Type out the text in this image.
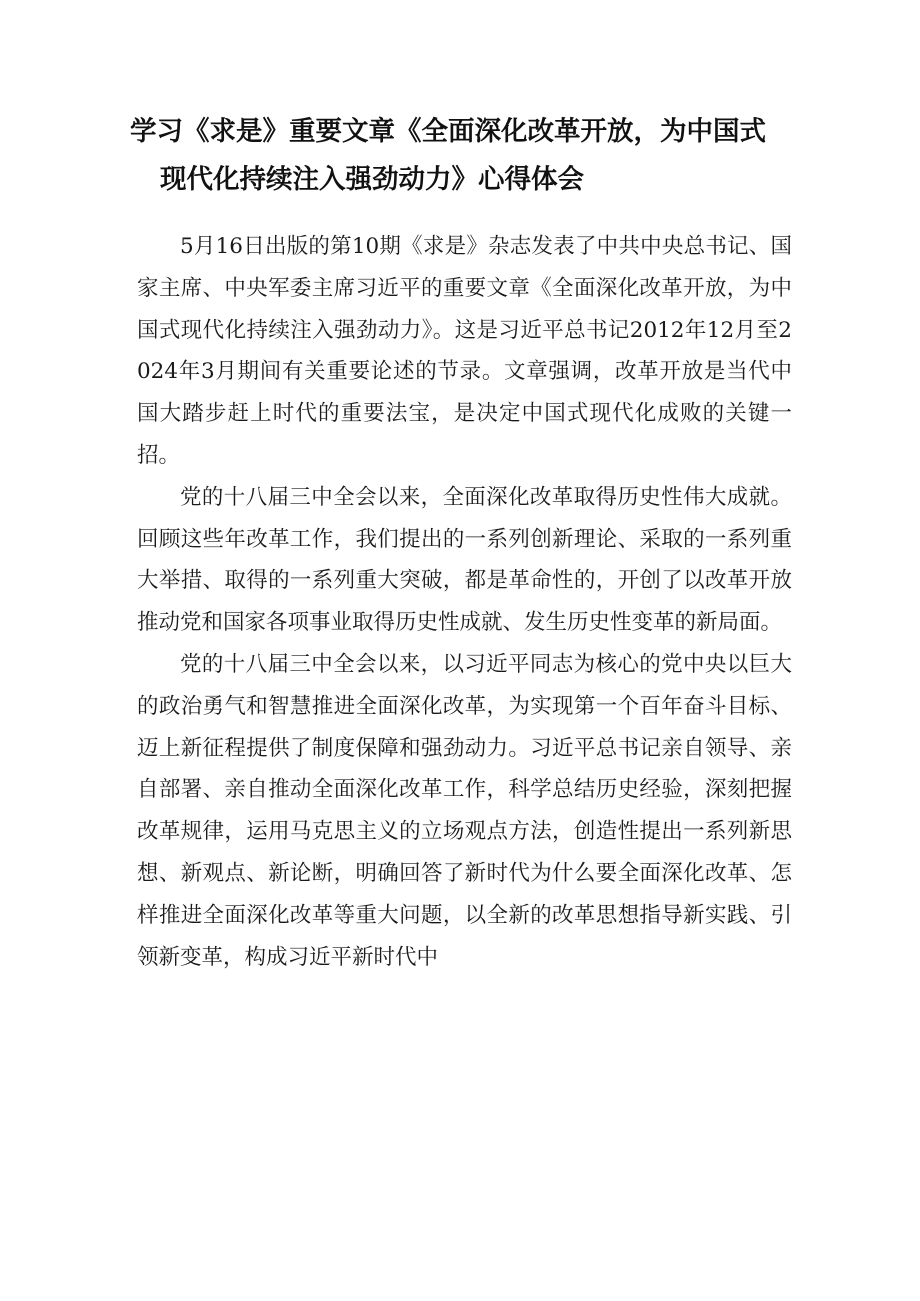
学习《求是》重要文章《全面深化改革开放，为中国式
现代化持续注入强劲动力》心得体会

5月16日出版的第10期《求是》杂志发表了中共中央总书记、国家主席、中央军委主席习近平的重要文章《全面深化改革开放，为中国式现代化持续注入强劲动力》。这是习近平总书记2012年12月至2024年3月期间有关重要论述的节录。文章强调，改革开放是当代中国大踏步赶上时代的重要法宝，是决定中国式现代化成败的关键一招。

党的十八届三中全会以来，全面深化改革取得历史性伟大成就。回顾这些年改革工作，我们提出的一系列创新理论、采取的一系列重大举措、取得的一系列重大突破，都是革命性的，开创了以改革开放推动党和国家各项事业取得历史性成就、发生历史性变革的新局面。

党的十八届三中全会以来，以习近平同志为核心的党中央以巨大的政治勇气和智慧推进全面深化改革，为实现第一个百年奋斗目标、迈上新征程提供了制度保障和强劲动力。习近平总书记亲自领导、亲自部署、亲自推动全面深化改革工作，科学总结历史经验，深刻把握改革规律，运用马克思主义的立场观点方法，创造性提出一系列新思想、新观点、新论断，明确回答了新时代为什么要全面深化改革、怎样推进全面深化改革等重大问题，以全新的改革思想指导新实践、引领新变革，构成习近平新时代中
